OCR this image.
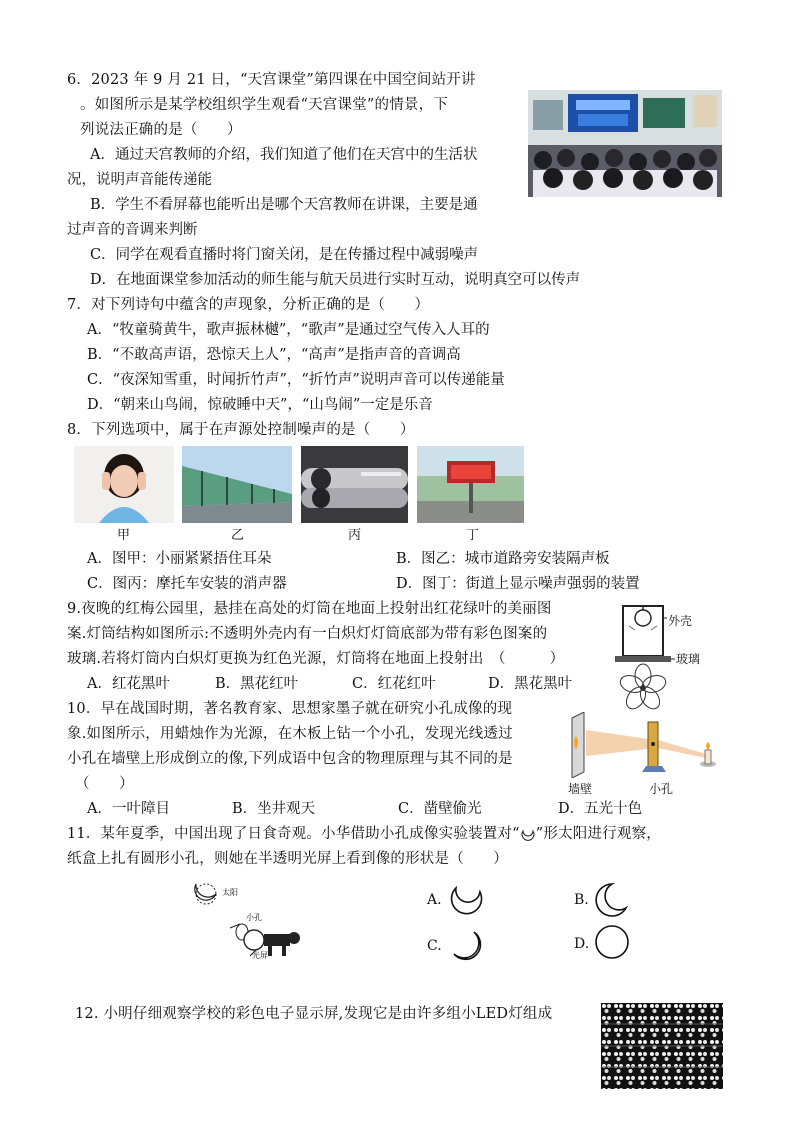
6．2023 年 9 月 21 日，“天宫课堂”第四课在中国空间站开讲
。如图所示是某学校组织学生观看“天宫课堂”的情景，下
列说法正确的是（　　）
A．通过天宫教师的介绍，我们知道了他们在天宫中的生活状
况，说明声音能传递能
B．学生不看屏幕也能听出是哪个天宫教师在讲课，主要是通
过声音的音调来判断
C．同学在观看直播时将门窗关闭，是在传播过程中减弱噪声
D．在地面课堂参加活动的师生能与航天员进行实时互动，说明真空可以传声
7．对下列诗句中蕴含的声现象，分析正确的是（　　）
A．“牧童骑黄牛，歌声振林樾”，“歌声”是通过空气传入人耳的
B．“不敢高声语，恐惊天上人”，“高声”是指声音的音调高
C．“夜深知雪重，时闻折竹声”，“折竹声”说明声音可以传递能量
D．“朝来山鸟闹，惊破睡中天”，“山鸟闹”一定是乐音
8．下列选项中，属于在声源处控制噪声的是（　　）
甲	乙	丙	丁
A．图甲：小丽紧紧捂住耳朵	B．图乙：城市道路旁安装隔声板
C．图丙：摩托车安装的消声器	D．图丁：街道上显示噪声强弱的装置
9.夜晚的红梅公园里，悬挂在高处的灯筒在地面上投射出红花绿叶的美丽图
案.灯筒结构如图所示:不透明外壳内有一白炽灯灯筒底部为带有彩色图案的
玻璃.若将灯筒内白炽灯更换为红色光源，灯筒将在地面上投射出　（　　　）
外壳
玻璃
A．红花黑叶	B．黑花红叶	C．红花红叶	D．黑花黑叶
10．早在战国时期，著名教育家、思想家墨子就在研究小孔成像的现
象.如图所示，用蜡烛作为光源，在木板上钻一个小孔，发现光线透过
小孔在墙壁上形成倒立的像,下列成语中包含的物理原理与其不同的是
（　　）	墙壁	小孔
A．一叶障目	B．坐井观天	C．凿壁偷光	D．五光十色
11．某年夏季，中国出现了日食奇观。小华借助小孔成像实验装置对“ ”形太阳进行观察，
纸盒上扎有圆形小孔，则她在半透明光屏上看到像的形状是（　　）
太阳
小孔
光屏
A.	B.
C.	D.
12. 小明仔细观察学校的彩色电子显示屏,发现它是由许多组小LED灯组成
